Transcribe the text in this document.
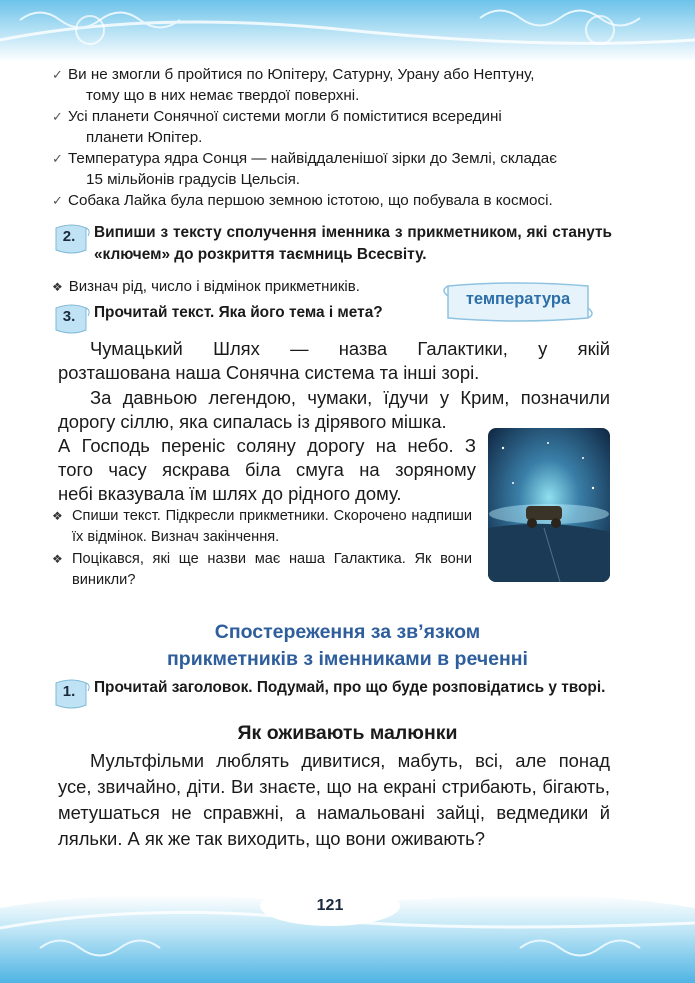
✓ Ви не змогли б пройтися по Юпітеру, Сатурну, Урану або Нептуну,
тому що в них немає твердої поверхні.
✓ Усі планети Сонячної системи могли б поміститися всередині
планети Юпітер.
✓ Температура ядра Сонця — найвіддаленішої зірки до Землі, складає
15 мільйонів градусів Цельсія.
✓ Собака Лайка була першою земною істотою, що побувала в космосі.
2.	Випиши з тексту сполучення іменника з прикметником, які стануть «ключем» до розкриття таємниць Всесвіту.
❖ Визнач рід, число і відмінок прикметників.
температура
3.	Прочитай текст. Яка його тема і мета?

Чумацький Шлях — назва Галактики, у якій

розташована наша Сонячна система та інші зорі.

За давньою легендою, чумаки, їдучи у Крим, позначили

дорогу сіллю, яка сипалась із дірявого мішка.

А Господь переніс соляну дорогу на небо. З

того часу яскрава біла смуга на зоряному

небі вказувала їм шлях до рідного дому.

❖ Спиши текст. Підкресли прикметники. Скорочено надпиши їх відмінок. Визнач закінчення.
❖ Поцікався, які ще назви має наша Галактика. Як вони виникли?
Спостереження за зв’язком
прикметників з іменниками в реченні
1.	Прочитай заголовок. Подумай, про що буде розповідатись у творі.
Як оживають малюнки

Мультфільми люблять дивитися, мабуть, всі, але понад

усе, звичайно, діти. Ви знаєте, що на екрані стрибають, бігають,

метушаться не справжні, а намальовані зайці, ведмедики й

ляльки. А як же так виходить, що вони оживають?

121
